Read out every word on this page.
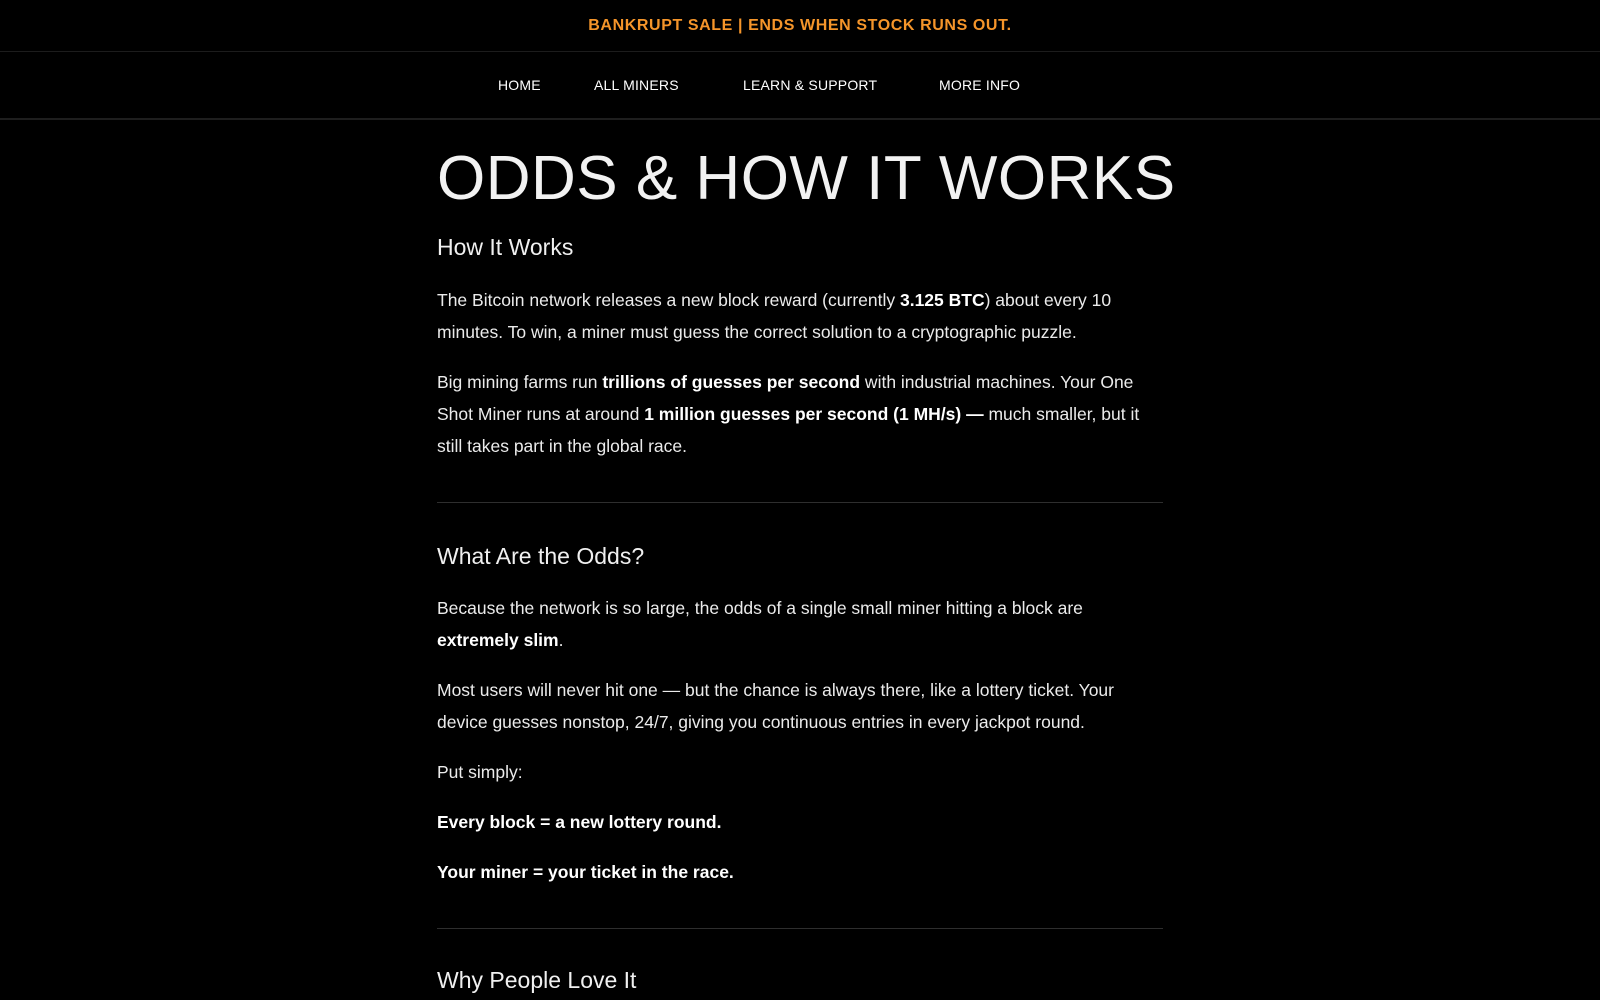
BANKRUPT SALE | ENDS WHEN STOCK RUNS OUT.
HOME	ALL MINERS	LEARN & SUPPORT	MORE INFO
ODDS & HOW IT WORKS
How It Works

The Bitcoin network releases a new block reward (currently 3.125 BTC) about every 10 minutes. To win, a miner must guess the correct solution to a cryptographic puzzle.

Big mining farms run trillions of guesses per second with industrial machines. Your One Shot Miner runs at around 1 million guesses per second (1 MH/s) — much smaller, but it still takes part in the global race.

What Are the Odds?

Because the network is so large, the odds of a single small miner hitting a block are extremely slim.

Most users will never hit one — but the chance is always there, like a lottery ticket. Your device guesses nonstop, 24/7, giving you continuous entries in every jackpot round.

Put simply:

Every block = a new lottery round.

Your miner = your ticket in the race.

Why People Love It
